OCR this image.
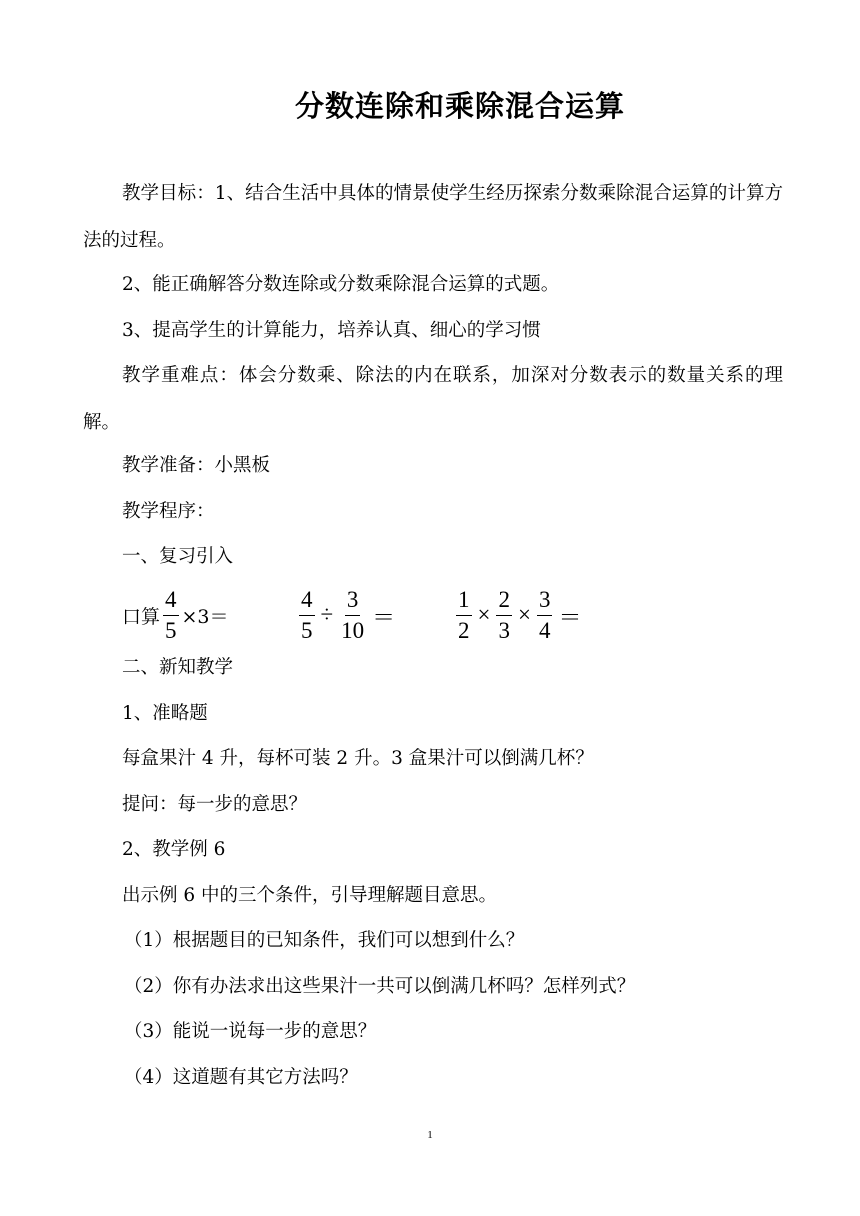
分数连除和乘除混合运算
教学目标：1、结合生活中具体的情景使学生经历探索分数乘除混合运算的计算方法的过程。
2、能正确解答分数连除或分数乘除混合运算的式题。
3、提高学生的计算能力，培养认真、细心的学习惯
教学重难点：体会分数乘、除法的内在联系，加深对分数表示的数量关系的理解。
教学准备：小黑板
教学程序：
一、复习引入
口算 $\frac{4}{5} \times 3=$	$\frac{4}{5} \div \frac{3}{10}$ ＝	$\frac{1}{2} \times \frac{2}{3} \times \frac{3}{4}$ ＝
二、新知教学
1、准略题
每盒果汁 4 升，每杯可装 2 升。3 盒果汁可以倒满几杯？
提问：每一步的意思？
2、教学例 6
出示例 6 中的三个条件，引导理解题目意思。
（1）根据题目的已知条件，我们可以想到什么？
（2）你有办法求出这些果汁一共可以倒满几杯吗？怎样列式？
（3）能说一说每一步的意思？
（4）这道题有其它方法吗？
1
